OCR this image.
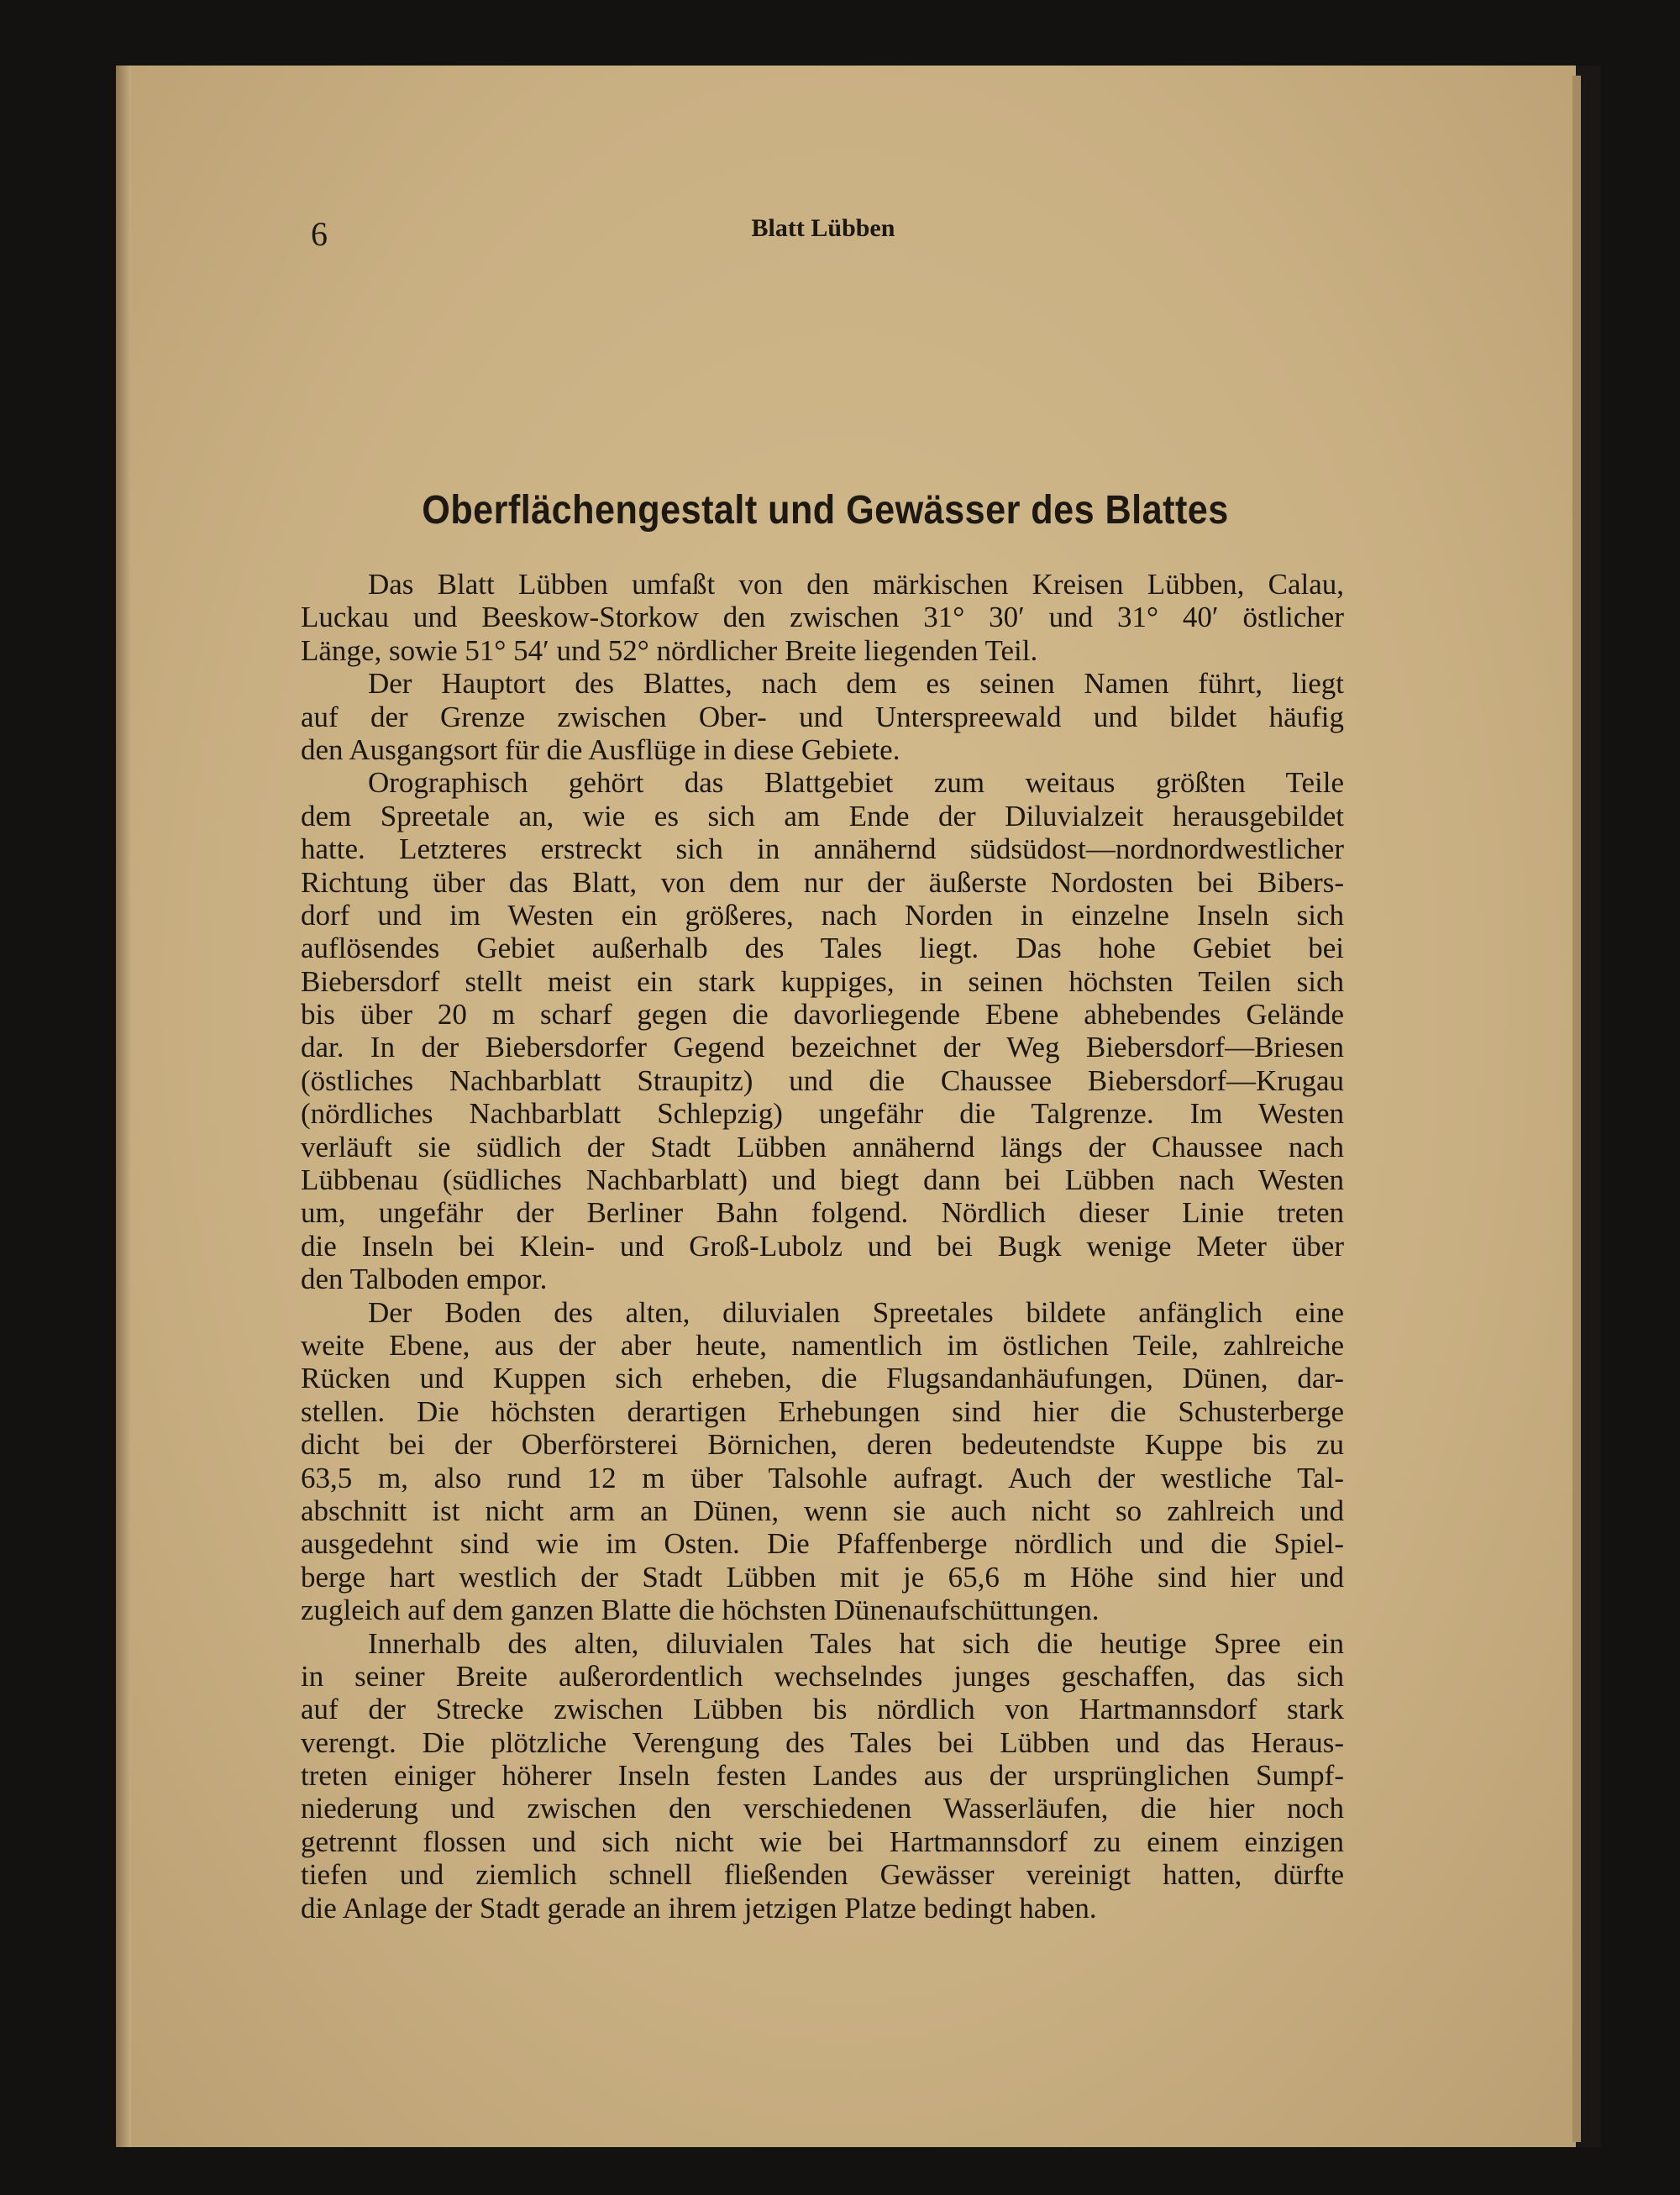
6	Blatt Lübben
Oberflächengestalt und Gewässer des Blattes
Das Blatt Lübben umfaßt von den märkischen Kreisen Lübben, Calau,
Luckau und Beeskow-Storkow den zwischen 31° 30′ und 31° 40′ östlicher
Länge, sowie 51° 54′ und 52° nördlicher Breite liegenden Teil.
Der Hauptort des Blattes, nach dem es seinen Namen führt, liegt
auf der Grenze zwischen Ober- und Unterspreewald und bildet häufig
den Ausgangsort für die Ausflüge in diese Gebiete.
Orographisch gehört das Blattgebiet zum weitaus größten Teile
dem Spreetale an, wie es sich am Ende der Diluvialzeit herausgebildet
hatte. Letzteres erstreckt sich in annähernd südsüdost—nordnordwestlicher
Richtung über das Blatt, von dem nur der äußerste Nordosten bei Bibers-
dorf und im Westen ein größeres, nach Norden in einzelne Inseln sich
auflösendes Gebiet außerhalb des Tales liegt. Das hohe Gebiet bei
Biebersdorf stellt meist ein stark kuppiges, in seinen höchsten Teilen sich
bis über 20 m scharf gegen die davorliegende Ebene abhebendes Gelände
dar. In der Biebersdorfer Gegend bezeichnet der Weg Biebersdorf—Briesen
(östliches Nachbarblatt Straupitz) und die Chaussee Biebersdorf—Krugau
(nördliches Nachbarblatt Schlepzig) ungefähr die Talgrenze. Im Westen
verläuft sie südlich der Stadt Lübben annähernd längs der Chaussee nach
Lübbenau (südliches Nachbarblatt) und biegt dann bei Lübben nach Westen
um, ungefähr der Berliner Bahn folgend. Nördlich dieser Linie treten
die Inseln bei Klein- und Groß-Lubolz und bei Bugk wenige Meter über
den Talboden empor.
Der Boden des alten, diluvialen Spreetales bildete anfänglich eine
weite Ebene, aus der aber heute, namentlich im östlichen Teile, zahlreiche
Rücken und Kuppen sich erheben, die Flugsandanhäufungen, Dünen, dar-
stellen. Die höchsten derartigen Erhebungen sind hier die Schusterberge
dicht bei der Oberförsterei Börnichen, deren bedeutendste Kuppe bis zu
63,5 m, also rund 12 m über Talsohle aufragt. Auch der westliche Tal-
abschnitt ist nicht arm an Dünen, wenn sie auch nicht so zahlreich und
ausgedehnt sind wie im Osten. Die Pfaffenberge nördlich und die Spiel-
berge hart westlich der Stadt Lübben mit je 65,6 m Höhe sind hier und
zugleich auf dem ganzen Blatte die höchsten Dünenaufschüttungen.
Innerhalb des alten, diluvialen Tales hat sich die heutige Spree ein
in seiner Breite außerordentlich wechselndes junges geschaffen, das sich
auf der Strecke zwischen Lübben bis nördlich von Hartmannsdorf stark
verengt. Die plötzliche Verengung des Tales bei Lübben und das Heraus-
treten einiger höherer Inseln festen Landes aus der ursprünglichen Sumpf-
niederung und zwischen den verschiedenen Wasserläufen, die hier noch
getrennt flossen und sich nicht wie bei Hartmannsdorf zu einem einzigen
tiefen und ziemlich schnell fließenden Gewässer vereinigt hatten, dürfte
die Anlage der Stadt gerade an ihrem jetzigen Platze bedingt haben.
